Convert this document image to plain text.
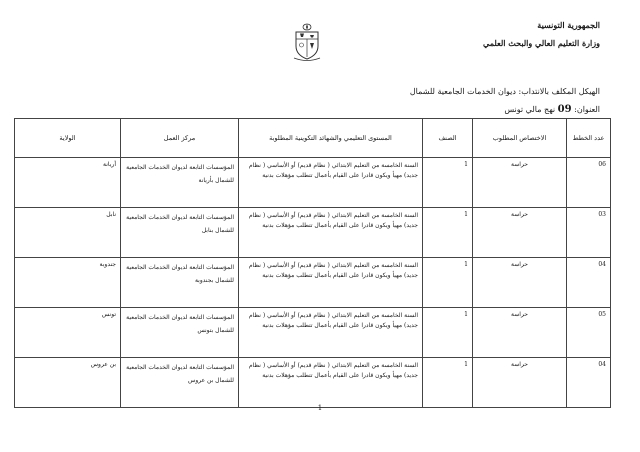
الجمهورية التونسية
وزارة التعليم العالي والبحث العلمي
الهيكل المكلف بالانتداب: ديوان الخدمات الجامعية للشمال
العنوان: 09 نهج مالي تونس
عدد الخطط	الاختصاص المطلوب	الصنف	المستوى التعليمي والشهائد التكوينية المطلوبة	مركز العمل	الولاية
06	حراسة	1	السنة الخامسة من التعليم الابتدائي ( نظام قديم) أو الأساسي ( نظام جديد) مهيأ ويكون قادرا على القيام بأعمال تتطلب مؤهلات بدنية	المؤسسات التابعة لديوان الخدمات الجامعية للشمال بأريانة	أريانة
03	حراسة	1	السنة الخامسة من التعليم الابتدائي ( نظام قديم) أو الأساسي ( نظام جديد) مهيأ ويكون قادرا على القيام بأعمال تتطلب مؤهلات بدنية	المؤسسات التابعة لديوان الخدمات الجامعية للشمال بنابل	نابل
04	حراسة	1	السنة الخامسة من التعليم الابتدائي ( نظام قديم) أو الأساسي ( نظام جديد) مهيأ ويكون قادرا على القيام بأعمال تتطلب مؤهلات بدنية	المؤسسات التابعة لديوان الخدمات الجامعية للشمال بجندوبة	جندوبة
05	حراسة	1	السنة الخامسة من التعليم الابتدائي ( نظام قديم) أو الأساسي ( نظام جديد) مهيأ ويكون قادرا على القيام بأعمال تتطلب مؤهلات بدنية	المؤسسات التابعة لديوان الخدمات الجامعية للشمال بتونس	تونس
04	حراسة	1	السنة الخامسة من التعليم الابتدائي ( نظام قديم) أو الأساسي ( نظام جديد) مهيأ ويكون قادرا على القيام بأعمال تتطلب مؤهلات بدنية	المؤسسات التابعة لديوان الخدمات الجامعية للشمال بن عروس	بن عروس
1
